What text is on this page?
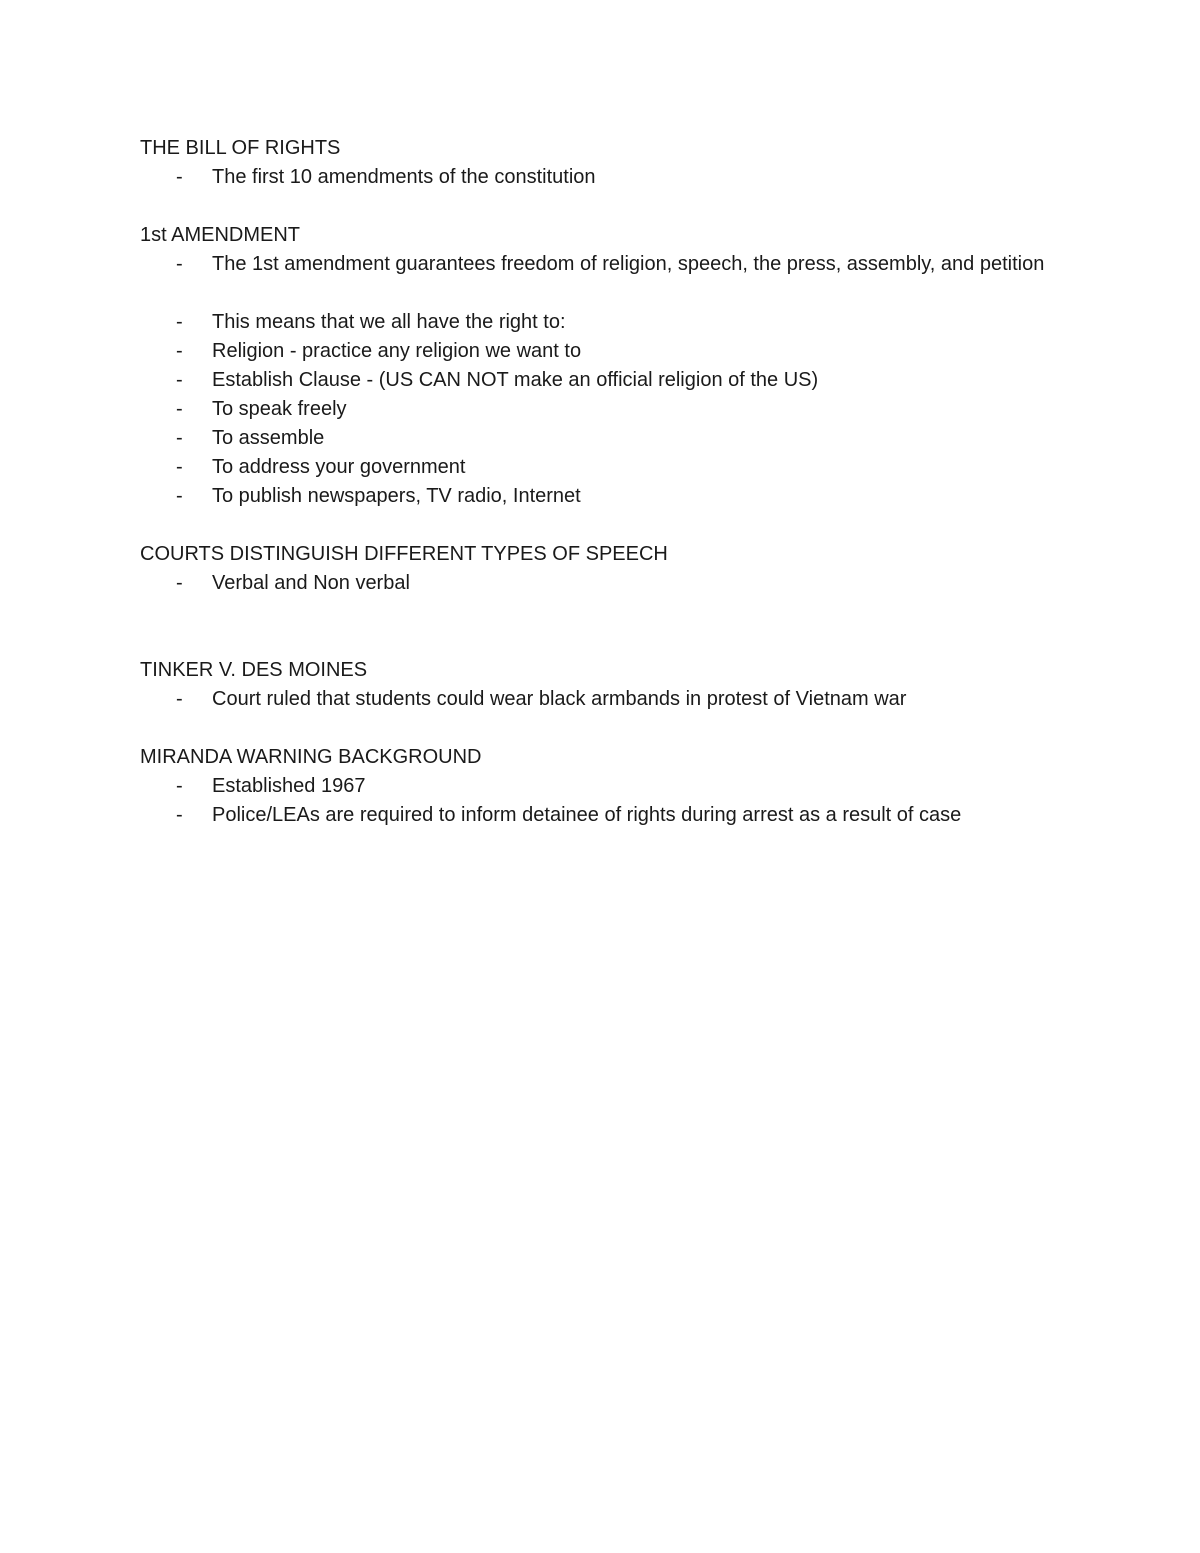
THE BILL OF RIGHTS
-	The first 10 amendments of the constitution
1st AMENDMENT
-	The 1st amendment guarantees freedom of religion, speech, the press, assembly, and petition
-	This means that we all have the right to:
-	Religion - practice any religion we want to
-	Establish Clause - (US CAN NOT make an official religion of the US)
-	To speak freely
-	To assemble
-	To address your government
-	To publish newspapers, TV radio, Internet
COURTS DISTINGUISH DIFFERENT TYPES OF SPEECH
-	Verbal and Non verbal
TINKER V. DES MOINES
-	Court ruled that students could wear black armbands in protest of Vietnam war
MIRANDA WARNING BACKGROUND
-	Established 1967
-	Police/LEAs are required to inform detainee of rights during arrest as a result of case
